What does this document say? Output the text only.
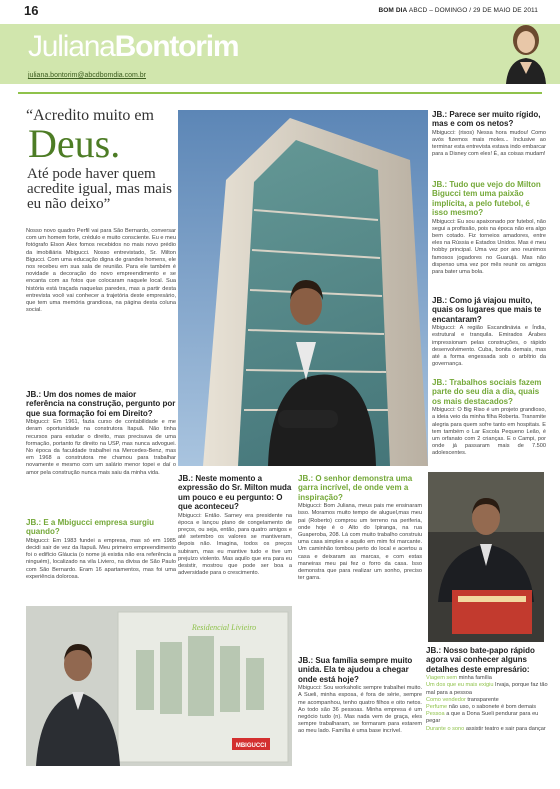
16	BOM DIA ABCD – DOMINGO / 29 DE MAIO DE 2011
JulianaBontorim
juliana.bontorim@abcdbomdia.com.br
“Acredito muito em
Deus.
Até pode haver quem acredite igual, mas mais eu não deixo”
Nosso novo quadro Perfil vai para São Bernardo, conversar com um homem forte, crédulo e muito consciente. Eu e meu fotógrafo Elson Alex fomos recebidos no mais novo prédio da imobiliária Mbigucci. Nosso entrevistado, Sr. Milton Bigucci. Com uma educação digna de grandes homens, ele nos recebeu em sua sala de reunião. Para ele também é novidade a decoração do novo empreendimento e se encanta com as fotos que colocaram naquele local. Sua história está traçada naquelas paredes, mas a partir desta entrevista você vai conhecer a trajetória deste empresário, que tem uma memória grandiosa, na página desta coluna social.
JB.: Um dos nomes de maior referência na construção, pergunto por que sua formação foi em Direito?
Mbigucci: Em 1961, fazia curso de contabilidade e me deram oportunidade na construtora Itapuã. Não tinha recursos para estudar o direito, mas precisava de uma formação, portanto fiz direito na USP, mas nunca advoguei. No época da faculdade trabalhei na Mercedes-Benz, mas em 1968 a construtora me chamou para trabalhar novamente e mesmo com um salário menor topei e daí o amor pela construção nunca mais saiu da minha vida.
JB.: E a Mbigucci empresa surgiu quando?
Mbigucci: Em 1983 fundei a empresa, mas só em 1985 decidi sair de vez da Itapuã. Meu primeiro empreendimento foi o edifício Gláucia (o nome já existia não era referência a ninguém), localizado na vila Liviero, na divisa de São Paulo com São Bernardo. Eram 16 apartamentos, mas foi uma experiência dolorosa.
JB.: Neste momento a expressão do Sr. Milton muda um pouco e eu pergunto: O que aconteceu?
Mbigucci: Então. Sarney era presidente na época e lançou plano de congelamento de preços, ou seja, então, para quatro amigos e até setembro os valores se mantiveram, depois não. Imagina, todos os preços subiram, mas eu mantive tudo e tive um prejuízo violento. Mas aquilo que era para eu desistir, mostrou que pode ser boa a adversidade para o crescimento.
JB.: O senhor demonstra uma garra incrível, de onde vem a inspiração?
Mbigucci: Bom Juliana, meus pais me ensinaram isso. Moramos muito tempo de aluguel,mas meu pai (Roberto) comprou um terreno na periferia, onde hoje é o Alto do Ipiranga, na rua Guaperoba, 208. Lá com muito trabalho construiu uma casa simples e aquilo em mim foi marcante. Um caminhão tombou perto do local e acertou a casa e deixaram as marcas, e com estas maneiras meu pai fez o forro da casa. Isso demonstra que para realizar um sonho, preciso ter garra.
JB.: Sua família sempre muito unida. Ela te ajudou a chegar onde está hoje?
Mbigucci: Sou workaholic sempre trabalhei muito. A Sueli, minha esposa, é fora de série, sempre me acompanhou, tenho quatro filhos e oito netos. Ao todo são 36 pessoas. Minha empresa é um negócio tudo (n). Mas nada vem de graça, eles sempre trabalharam, se formaram para estarem ao meu lado. Família é uma base incrível.
JB.: Parece ser muito rígido, mas e com os netos?
Mbigucci: (risos) Nessa hora mudou! Como avós fizemos mais moles... Inclusive ao terminar esta entrevista estava indo embarcar para a Disney com eles! É, as coisas mudam!
JB.: Tudo que vejo do Milton Bigucci tem uma paixão implícita, a pelo futebol, é isso mesmo?
Mbigucci: Eu sou apaixonado por futebol, não segui a profissão, pois na época não era algo bem cotado. Fiz torneios amadores, entre eles na Rússia e Estados Unidos. Mas é meu hobby principal. Uma vez por ano reunimos famosos jogadores no Guarujá. Mas não dispenso uma vez por mês reunir os amigos para bater uma bola.
JB.: Como já viajou muito, quais os lugares que mais te encantaram?
Mbigucci: A região Escandinávia e Índia, estrutural e tranquila. Emirados Árabes impressionam pelas construções, o rápido desenvolvimento. Cuba, bonita demais, mas até a forma engessada sob o arbítrio da governança.
JB.: Trabalhos sociais fazem parte do seu dia a dia, quais os mais destacados?
Mbigucci: O Big Riso é um projeto grandioso, a ideia veio da minha filha Roberta. Transmite alegria para quem sofre tanto em hospitais. E tem também o Lar Escola Pequeno Leão, é um orfanato com 2 crianças. E o Campi, por onde já passaram mais de 7.500 adolescentes.
JB.: Nosso bate-papo rápido agora vai conhecer alguns detalhes deste empresário:
Viagem sem minha família
Um dos que eu mais exigiu Irvaja, porque faz tão mal para a pessoa
Como vendedor transparente
Perfume não uso, o sabonete é bom demais
Pessoa a que a Dona Sueli pendurar para eu pegar
Durante o sono assistir teatro e sair para dançar
MBIGUCCI
Residencial Livieiro
